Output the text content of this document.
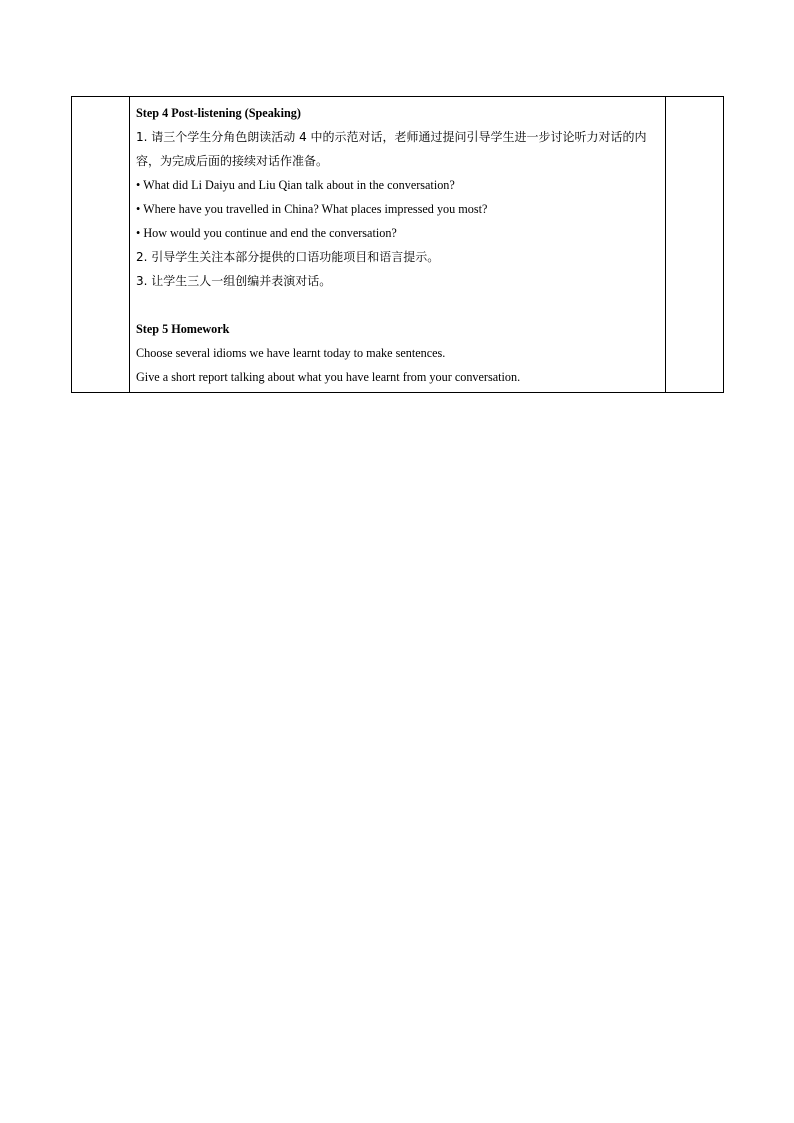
Step 4 Post-listening (Speaking)

1. 请三个学生分角色朗读活动 4 中的示范对话，老师通过提问引导学生进一步讨论听力对话的内容，为完成后面的接续对话作准备。

• What did Li Daiyu and Liu Qian talk about in the conversation?

• Where have you travelled in China? What places impressed you most?

• How would you continue and end the conversation?

2. 引导学生关注本部分提供的口语功能项目和语言提示。

3. 让学生三人一组创编并表演对话。

Step 5 Homework

Choose several idioms we have learnt today to make sentences.

Give a short report talking about what you have learnt from your conversation.
